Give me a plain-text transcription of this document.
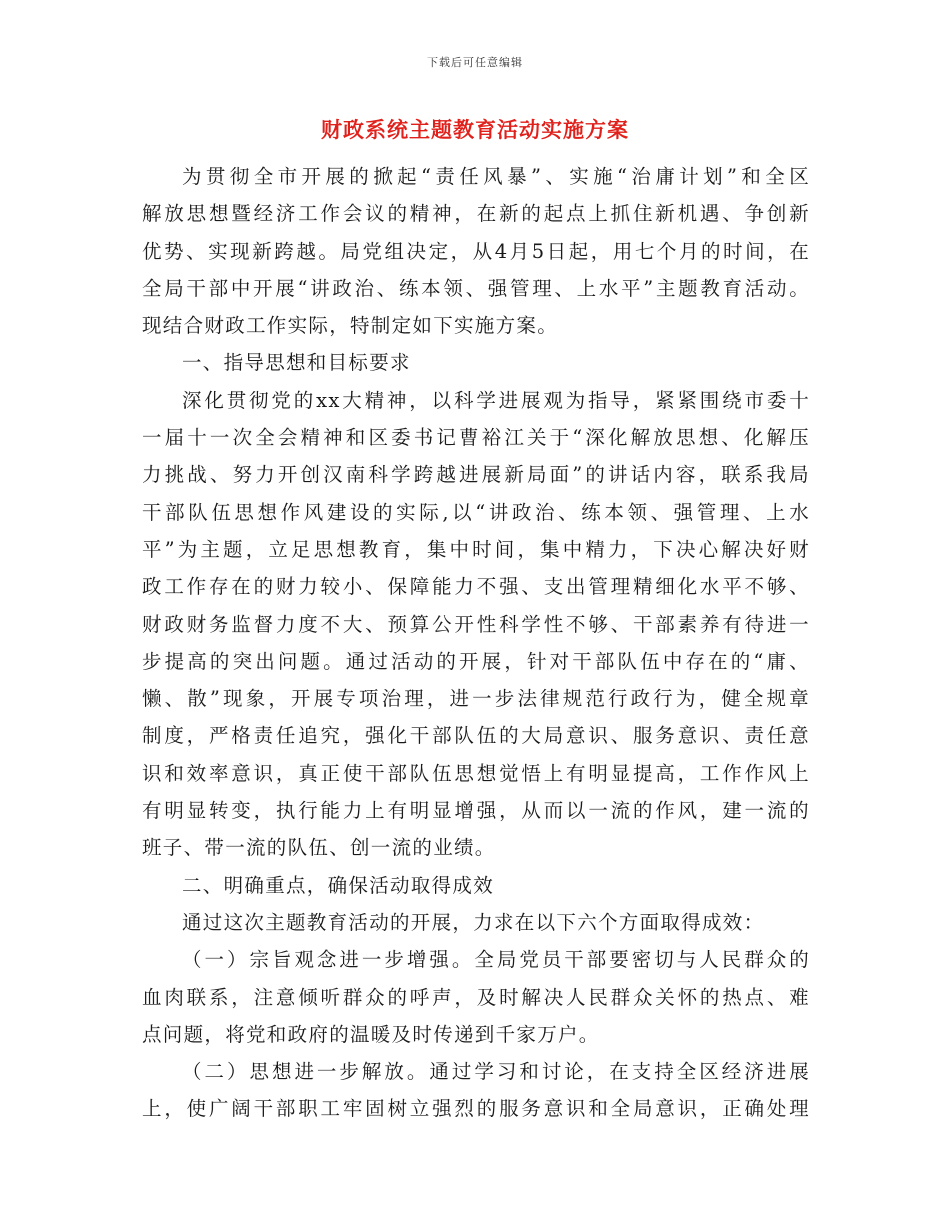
下载后可任意编辑
财政系统主题教育活动实施方案
为贯彻全市开展的掀起“责任风暴”、实施“治庸计划”和全区
解放思想暨经济工作会议的精神，在新的起点上抓住新机遇、争创新
优势、实现新跨越。局党组决定，从4月5日起，用七个月的时间，在
全局干部中开展“讲政治、练本领、强管理、上水平”主题教育活动。
现结合财政工作实际，特制定如下实施方案。
一、指导思想和目标要求
深化贯彻党的xx大精神，以科学进展观为指导，紧紧围绕市委十
一届十一次全会精神和区委书记曹裕江关于“深化解放思想、化解压
力挑战、努力开创汉南科学跨越进展新局面”的讲话内容，联系我局
干部队伍思想作风建设的实际,以“讲政治、练本领、强管理、上水
平”为主题，立足思想教育，集中时间，集中精力，下决心解决好财
政工作存在的财力较小、保障能力不强、支出管理精细化水平不够、
财政财务监督力度不大、预算公开性科学性不够、干部素养有待进一
步提高的突出问题。通过活动的开展，针对干部队伍中存在的“庸、
懒、散”现象，开展专项治理，进一步法律规范行政行为，健全规章
制度，严格责任追究，强化干部队伍的大局意识、服务意识、责任意
识和效率意识，真正使干部队伍思想觉悟上有明显提高，工作作风上
有明显转变，执行能力上有明显增强，从而以一流的作风，建一流的
班子、带一流的队伍、创一流的业绩。
二、明确重点，确保活动取得成效
通过这次主题教育活动的开展，力求在以下六个方面取得成效：
（一）宗旨观念进一步增强。全局党员干部要密切与人民群众的
血肉联系，注意倾听群众的呼声，及时解决人民群众关怀的热点、难
点问题，将党和政府的温暖及时传递到千家万户。
（二）思想进一步解放。通过学习和讨论，在支持全区经济进展
上，使广阔干部职工牢固树立强烈的服务意识和全局意识，正确处理
